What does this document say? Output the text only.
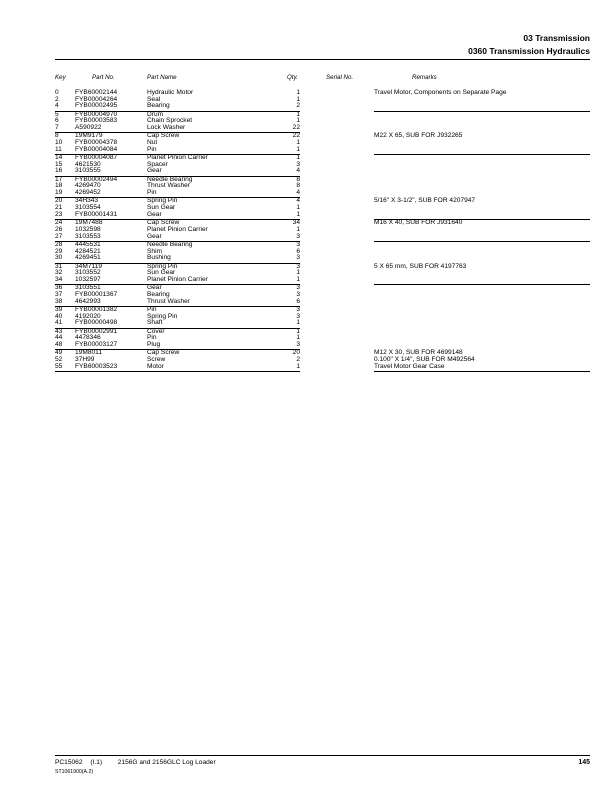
03 Transmission
0360 Transmission Hydraulics
Key	Part No.	Part Name	Qty.	Serial No.	Remarks
0 FYB60002144	Hydraulic Motor	1	Travel Motor, Components on Separate Page
2 FYB00004264	Seal	1
4 FYB00002495	Bearing	2
5 FYB00004970	Drum	1
6 FYB00003583	Chain Sprocket	1
7 A590922	Lock Washer	22
8 19M9179	Cap Screw	22	M22 X 65, SUB FOR J932265
10 FYB00004378	Nut	1
11 FYB00004084	Pin	1
14 FYB00004087	Planet Pinion Carrier	1
15 4621530	Spacer	3
16 3103555	Gear	4
17 FYB00002494	Needle Bearing	8
18 4269470	Thrust Washer	8
19 4269452	Pin	4
20 34H343	Spring Pin	4	5/16" X 3-1/2", SUB FOR 4207947
21 3103554	Sun Gear	1
23 FYB00001431	Gear	1
24 19M7488	Cap Screw	34	M16 X 40, SUB FOR J931640
26 1032598	Planet Pinion Carrier	1
27 3103553	Gear	3
28 4445531	Needle Bearing	3
29 4284521	Shim	6
30 4269451	Bushing	3
31 34M7119	Spring Pin	3	5 X 65 mm, SUB FOR 4197763
32 3103552	Sun Gear	1
34 1032597	Planet Pinion Carrier	1
36 3103551	Gear	3
37 FYB00001367	Bearing	3
38 4642993	Thrust Washer	6
39 FYB00001382	Pin	3
40 4192020	Spring Pin	3
41 FYB00000498	Shaft	1
43 FYB00002991	Cover	1
44 4478346	Pin	1
48 FYB00003127	Plug	3
49 19M8011	Cap Screw	20	M12 X 30, SUB FOR 4699148
52 37H99	Screw	2	0.100" X 1/4", SUB FOR M492564
55 FYB60003523	Motor	1	Travel Motor Gear Case
PC15062 (I.1) 2156G and 2156GLC Log Loader
ST1061900(A.2)
145
